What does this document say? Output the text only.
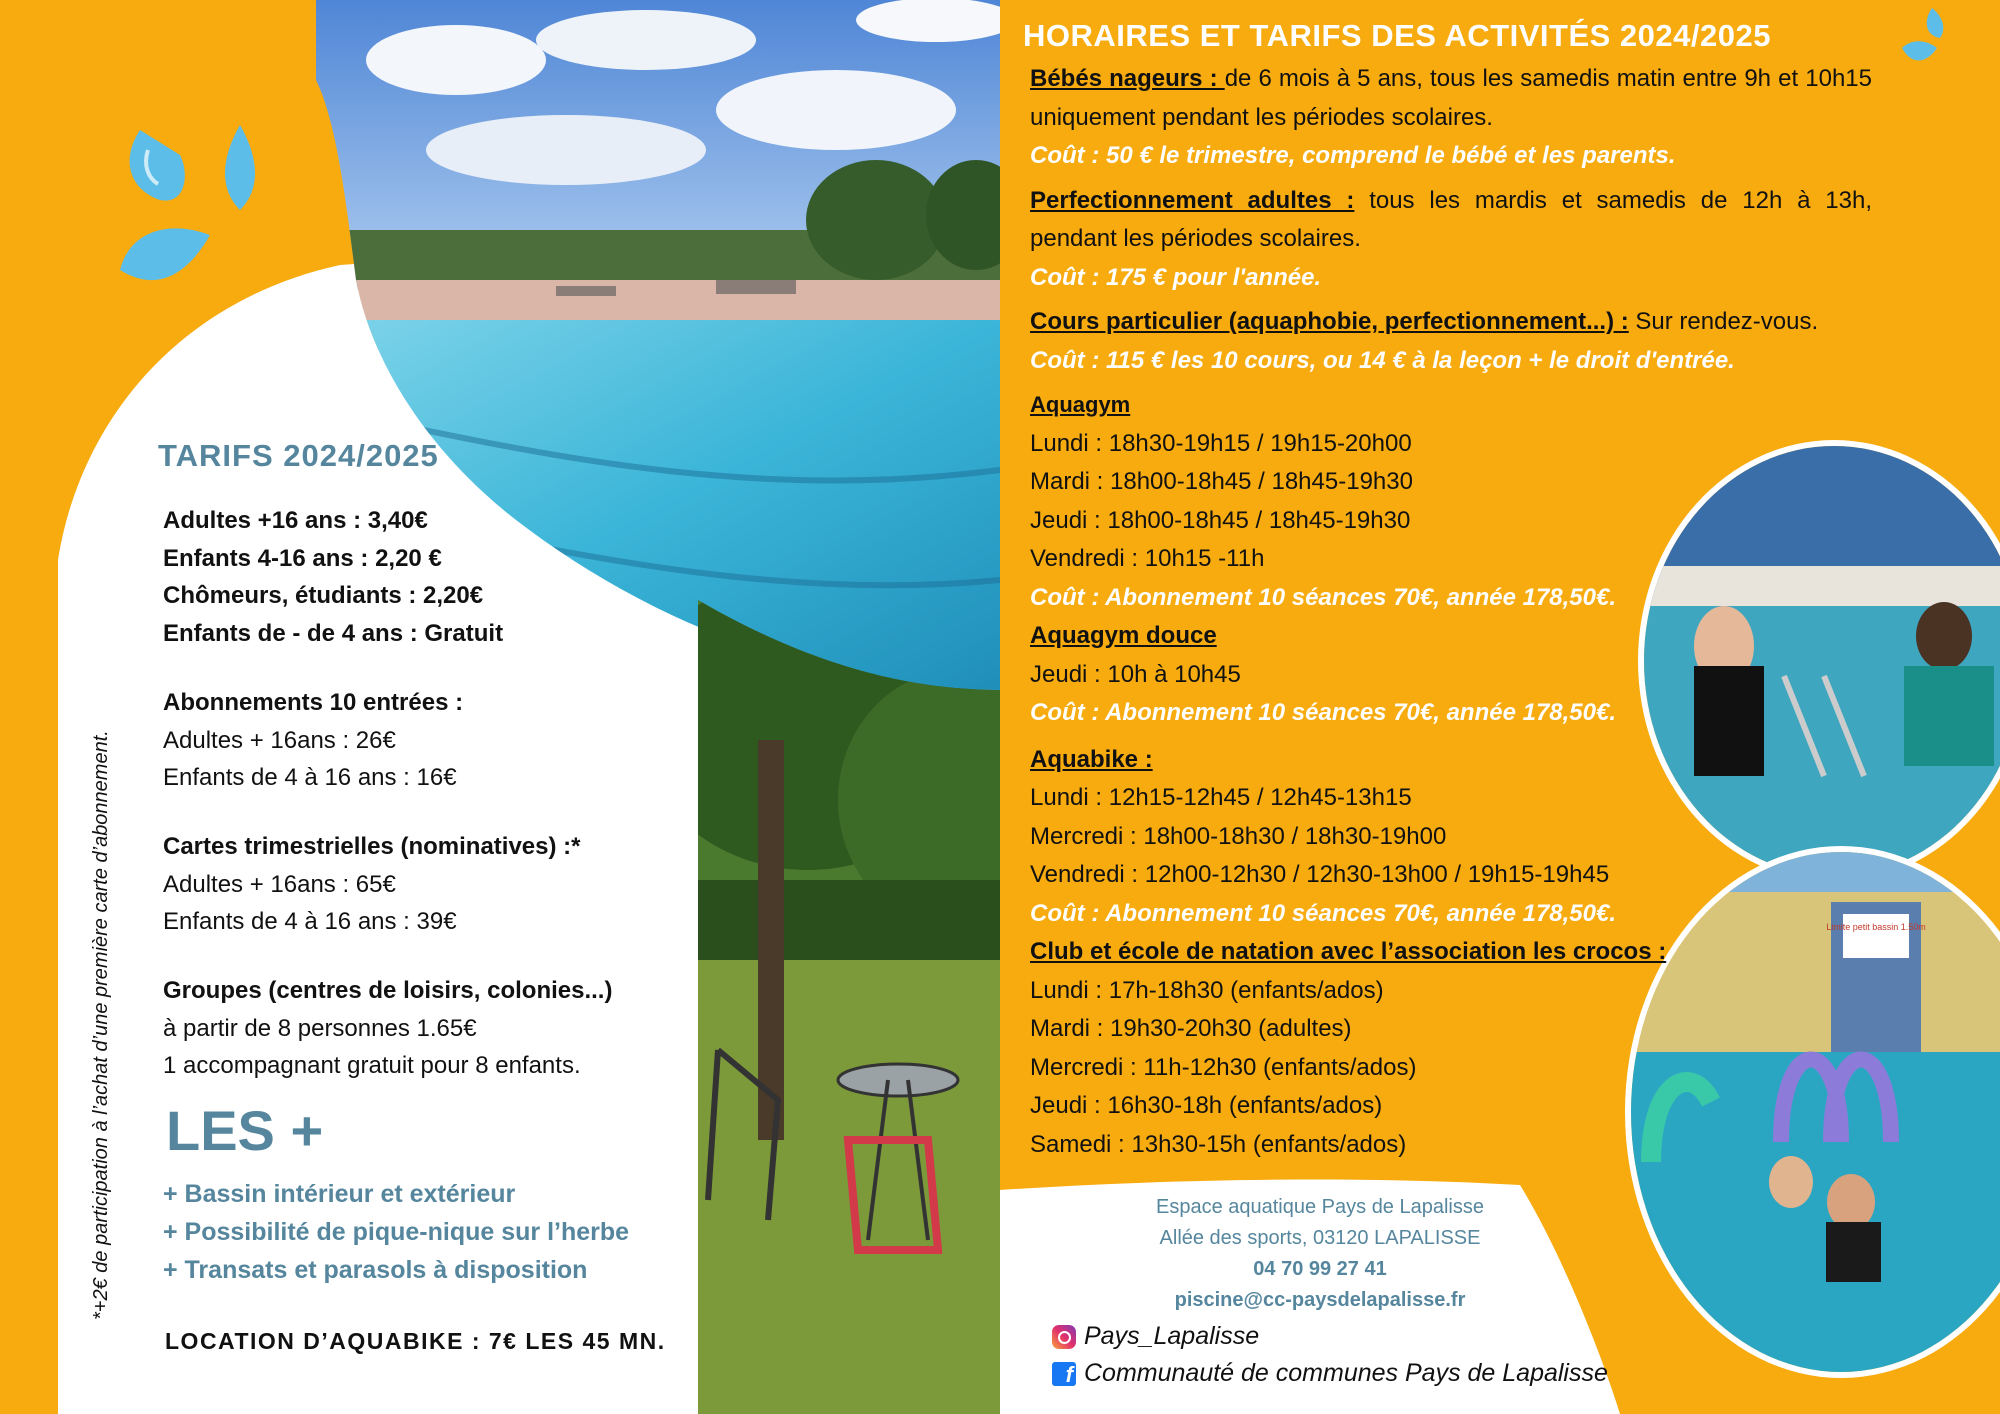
Limite petit bassin 1.50m
TARIFS 2024/2025
Adultes +16 ans : 3,40€
Enfants 4-16 ans : 2,20 €
Chômeurs, étudiants : 2,20€
Enfants de - de 4 ans : Gratuit
Abonnements 10 entrées :
Adultes + 16ans : 26€
Enfants de 4 à 16 ans : 16€
Cartes trimestrielles (nominatives) :*
Adultes + 16ans : 65€
Enfants de 4 à 16 ans : 39€
Groupes (centres de loisirs, colonies...)
à partir de 8 personnes 1.65€
1 accompagnant gratuit pour 8 enfants.
LES +
+ Bassin intérieur et extérieur
+ Possibilité de pique-nique sur l’herbe
+ Transats et parasols à disposition
LOCATION D’AQUABIKE : 7€ LES 45 MN.
*+2€ de participation à l’achat d’une première carte d’abonnement.
HORAIRES ET TARIFS DES ACTIVITÉS 2024/2025

Bébés nageurs : de 6 mois à 5 ans, tous les samedis matin entre 9h et 10h15 uniquement pendant les périodes scolaires.

Coût : 50 € le trimestre, comprend le bébé et les parents.

Perfectionnement adultes : tous les mardis et samedis de 12h à 13h, pendant les périodes scolaires.

Coût : 175 € pour l'année.

Cours particulier (aquaphobie, perfectionnement...) : Sur rendez-vous.

Coût : 115 € les 10 cours, ou 14 € à la leçon + le droit d'entrée.

Aquagym

Lundi : 18h30-19h15 / 19h15-20h00

Mardi : 18h00-18h45 / 18h45-19h30

Jeudi : 18h00-18h45 / 18h45-19h30

Vendredi : 10h15 -11h

Coût : Abonnement 10 séances 70€, année 178,50€.

Aquagym douce

Jeudi : 10h à 10h45

Coût : Abonnement 10 séances 70€, année 178,50€.

Aquabike :

Lundi : 12h15-12h45 / 12h45-13h15

Mercredi : 18h00-18h30 / 18h30-19h00

Vendredi : 12h00-12h30 / 12h30-13h00 / 19h15-19h45

Coût : Abonnement 10 séances 70€, année 178,50€.

Club et école de natation avec l’association les crocos :

Lundi : 17h-18h30 (enfants/ados)

Mardi : 19h30-20h30 (adultes)

Mercredi : 11h-12h30 (enfants/ados)

Jeudi : 16h30-18h (enfants/ados)

Samedi : 13h30-15h (enfants/ados)

Espace aquatique Pays de Lapalisse
Allée des sports, 03120 LAPALISSE
04 70 99 27 41
piscine@cc-paysdelapalisse.fr
Pays_Lapalisse
f Communauté de communes Pays de Lapalisse
